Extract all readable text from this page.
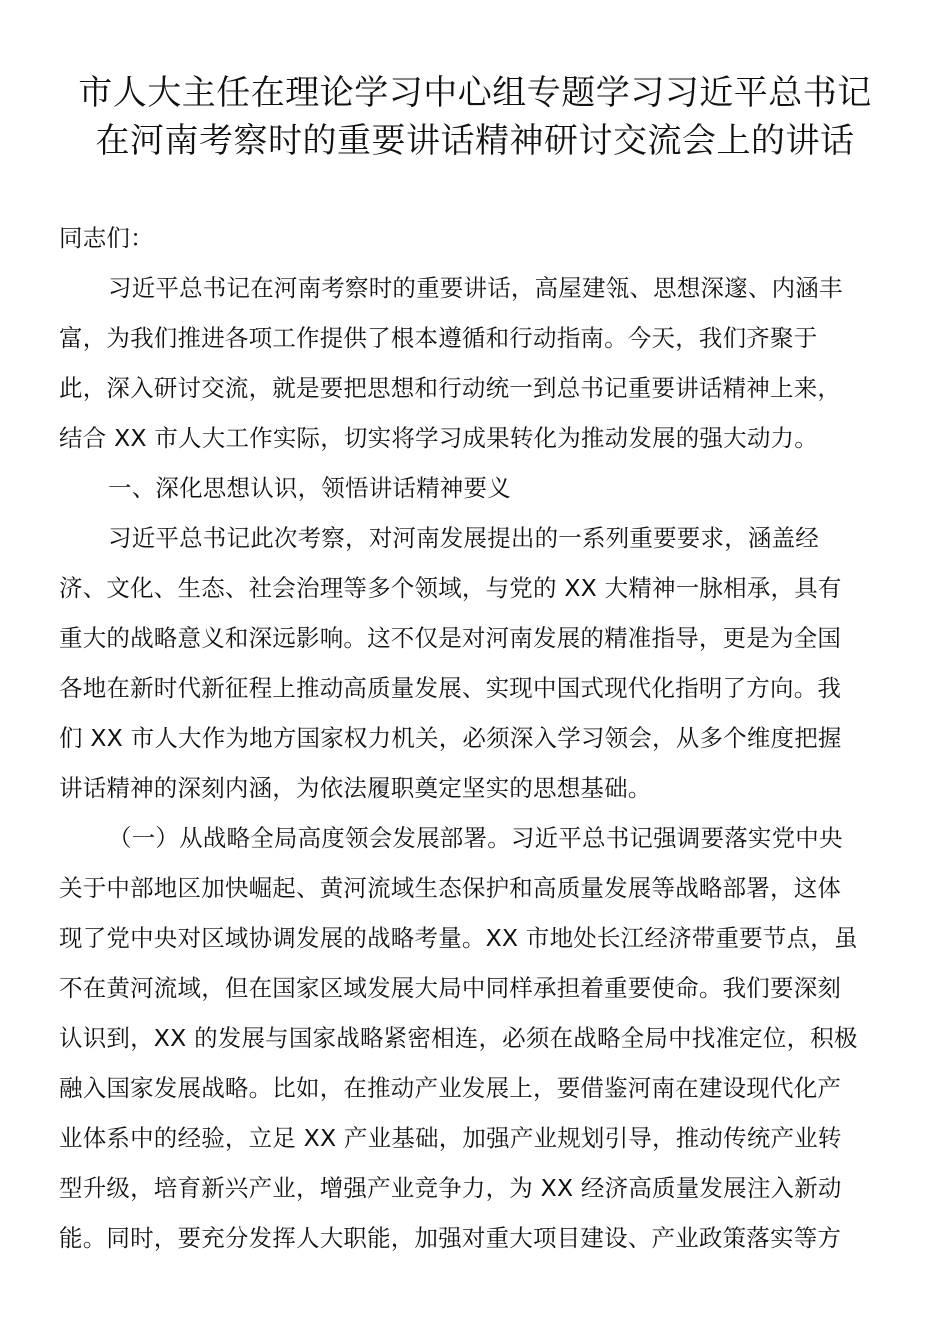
市人大主任在理论学习中心组专题学习习近平总书记
在河南考察时的重要讲话精神研讨交流会上的讲话

同志们：

习近平总书记在河南考察时的重要讲话，高屋建瓴、思想深邃、内涵丰

富，为我们推进各项工作提供了根本遵循和行动指南。今天，我们齐聚于

此，深入研讨交流，就是要把思想和行动统一到总书记重要讲话精神上来，

结合 XX 市人大工作实际，切实将学习成果转化为推动发展的强大动力。

一、深化思想认识，领悟讲话精神要义

习近平总书记此次考察，对河南发展提出的一系列重要要求，涵盖经

济、文化、生态、社会治理等多个领域，与党的 XX 大精神一脉相承，具有

重大的战略意义和深远影响。这不仅是对河南发展的精准指导，更是为全国

各地在新时代新征程上推动高质量发展、实现中国式现代化指明了方向。我

们 XX 市人大作为地方国家权力机关，必须深入学习领会，从多个维度把握

讲话精神的深刻内涵，为依法履职奠定坚实的思想基础。

（一）从战略全局高度领会发展部署。习近平总书记强调要落实党中央

关于中部地区加快崛起、黄河流域生态保护和高质量发展等战略部署，这体

现了党中央对区域协调发展的战略考量。XX 市地处长江经济带重要节点，虽

不在黄河流域，但在国家区域发展大局中同样承担着重要使命。我们要深刻

认识到，XX 的发展与国家战略紧密相连，必须在战略全局中找准定位，积极

融入国家发展战略。比如，在推动产业发展上，要借鉴河南在建设现代化产

业体系中的经验，立足 XX 产业基础，加强产业规划引导，推动传统产业转

型升级，培育新兴产业，增强产业竞争力，为 XX 经济高质量发展注入新动

能。同时，要充分发挥人大职能，加强对重大项目建设、产业政策落实等方
